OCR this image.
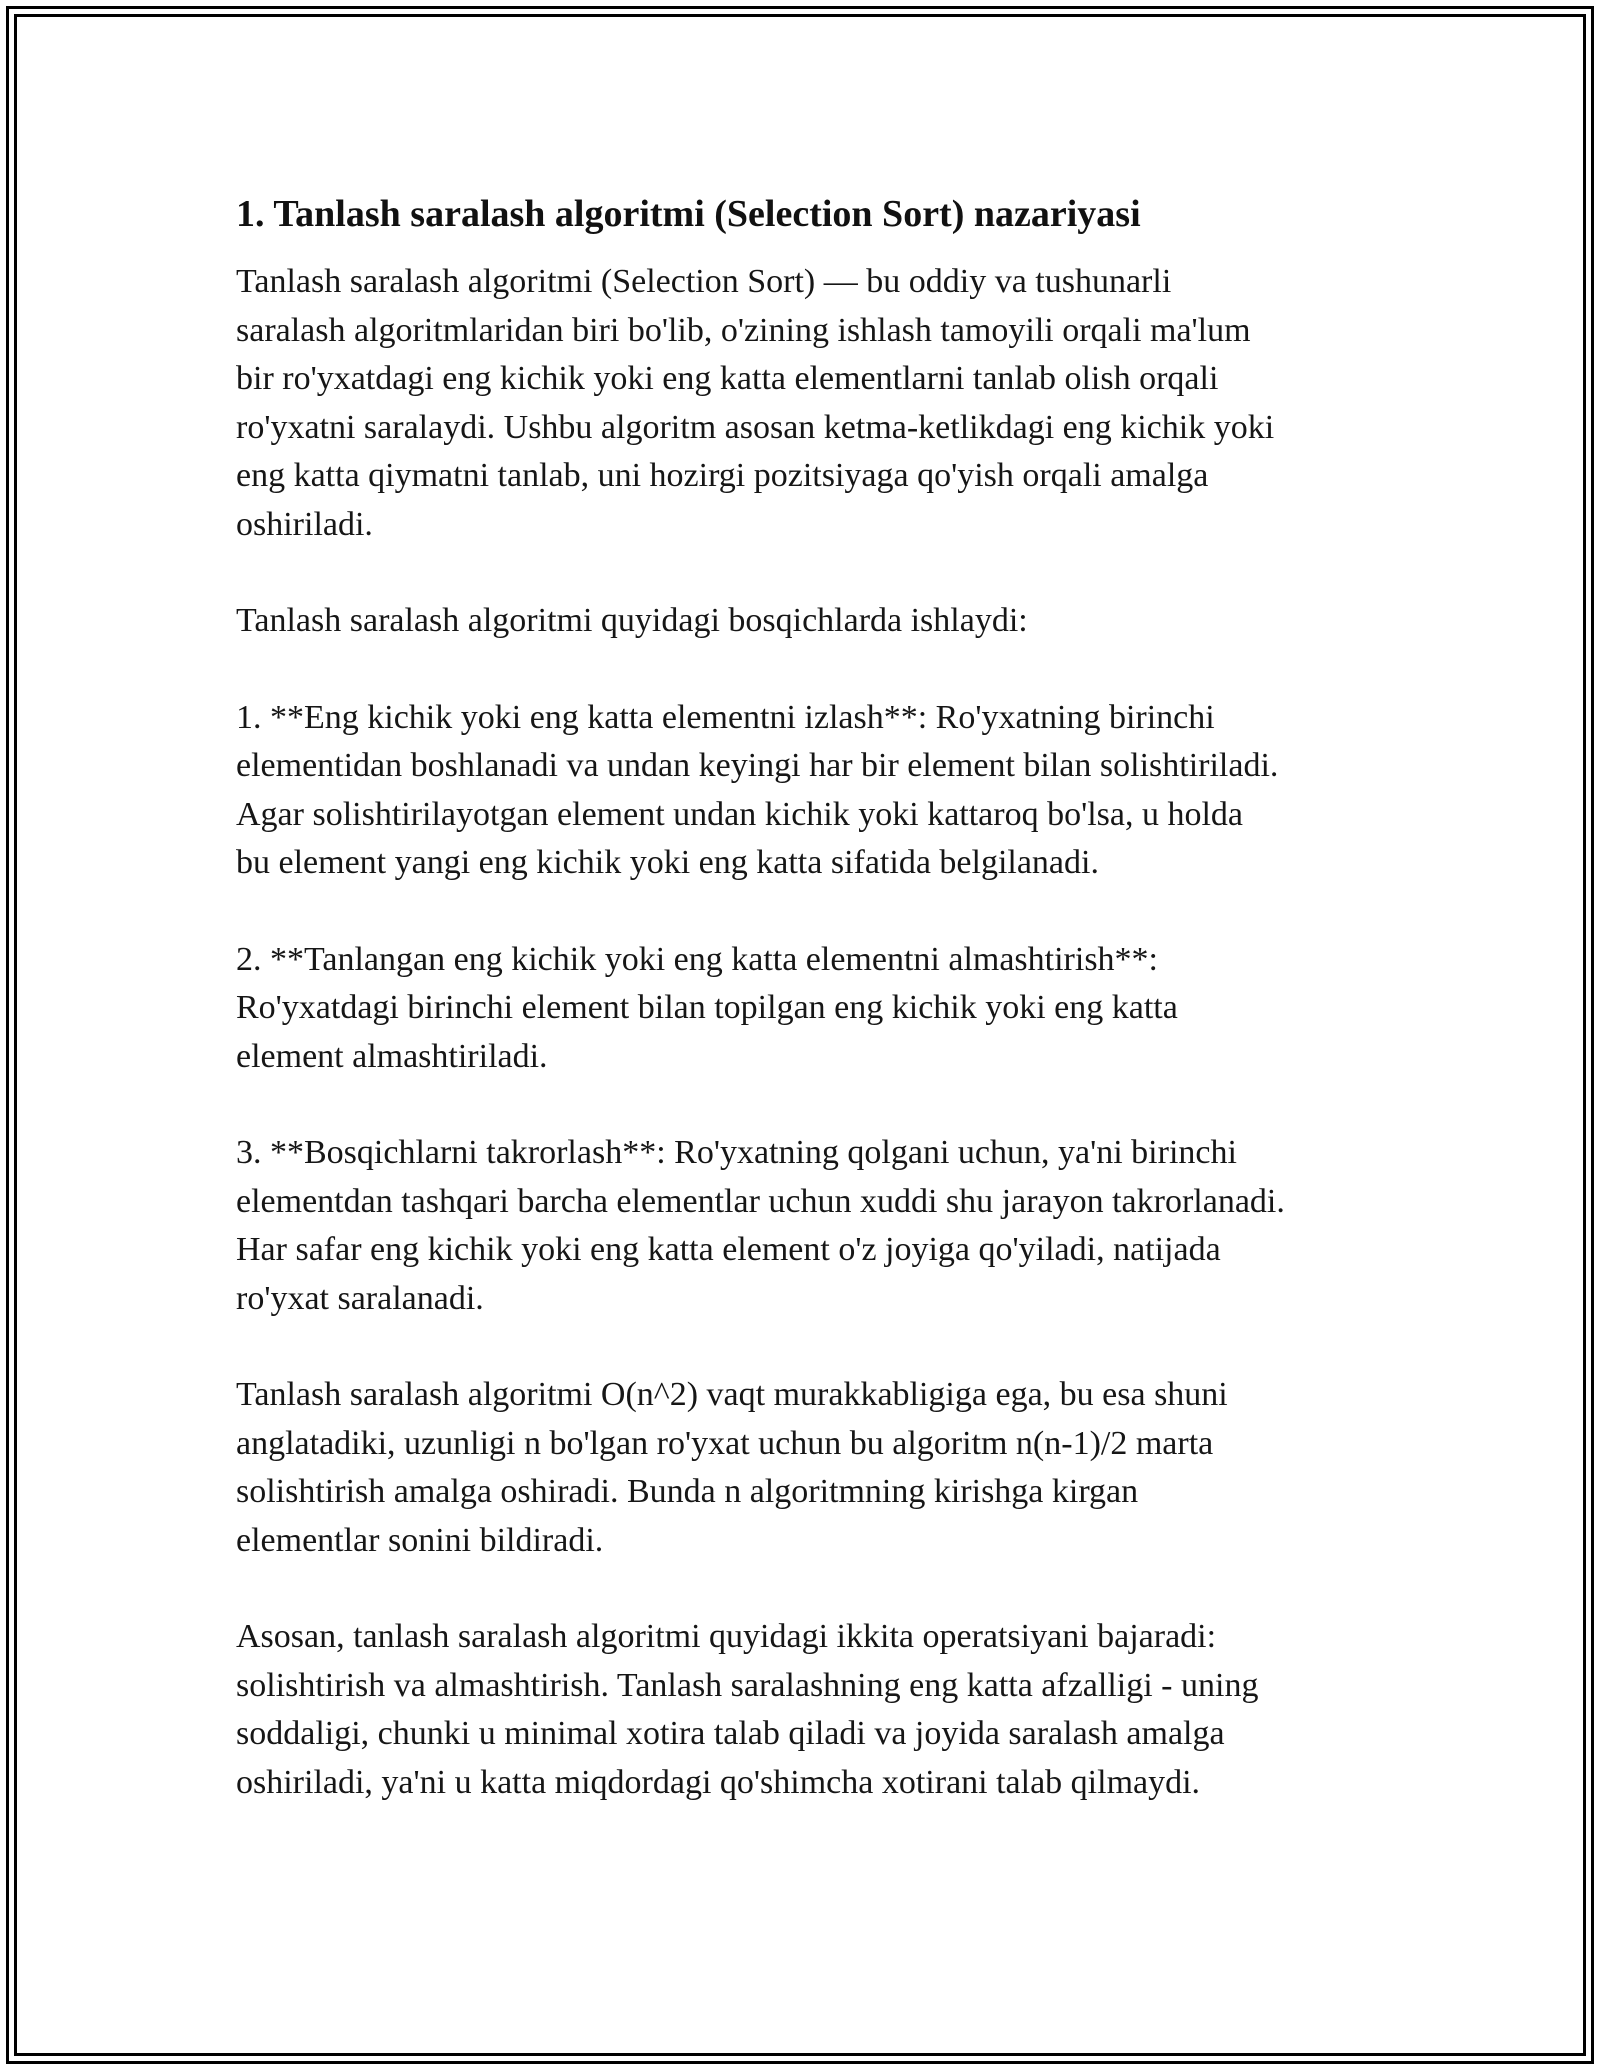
1. Tanlash saralash algoritmi (Selection Sort) nazariyasi

Tanlash saralash algoritmi (Selection Sort) — bu oddiy va tushunarli
saralash algoritmlaridan biri bo'lib, o'zining ishlash tamoyili orqali ma'lum
bir ro'yxatdagi eng kichik yoki eng katta elementlarni tanlab olish orqali
ro'yxatni saralaydi. Ushbu algoritm asosan ketma-ketlikdagi eng kichik yoki
eng katta qiymatni tanlab, uni hozirgi pozitsiyaga qo'yish orqali amalga
oshiriladi.

Tanlash saralash algoritmi quyidagi bosqichlarda ishlaydi:

1. **Eng kichik yoki eng katta elementni izlash**: Ro'yxatning birinchi
elementidan boshlanadi va undan keyingi har bir element bilan solishtiriladi.
Agar solishtirilayotgan element undan kichik yoki kattaroq bo'lsa, u holda
bu element yangi eng kichik yoki eng katta sifatida belgilanadi.

2. **Tanlangan eng kichik yoki eng katta elementni almashtirish**:
Ro'yxatdagi birinchi element bilan topilgan eng kichik yoki eng katta
element almashtiriladi.

3. **Bosqichlarni takrorlash**: Ro'yxatning qolgani uchun, ya'ni birinchi
elementdan tashqari barcha elementlar uchun xuddi shu jarayon takrorlanadi.
Har safar eng kichik yoki eng katta element o'z joyiga qo'yiladi, natijada
ro'yxat saralanadi.

Tanlash saralash algoritmi O(n^2) vaqt murakkabligiga ega, bu esa shuni
anglatadiki, uzunligi n bo'lgan ro'yxat uchun bu algoritm n(n-1)/2 marta
solishtirish amalga oshiradi. Bunda n algoritmning kirishga kirgan
elementlar sonini bildiradi.

Asosan, tanlash saralash algoritmi quyidagi ikkita operatsiyani bajaradi:
solishtirish va almashtirish. Tanlash saralashning eng katta afzalligi - uning
soddaligi, chunki u minimal xotira talab qiladi va joyida saralash amalga
oshiriladi, ya'ni u katta miqdordagi qo'shimcha xotirani talab qilmaydi.
